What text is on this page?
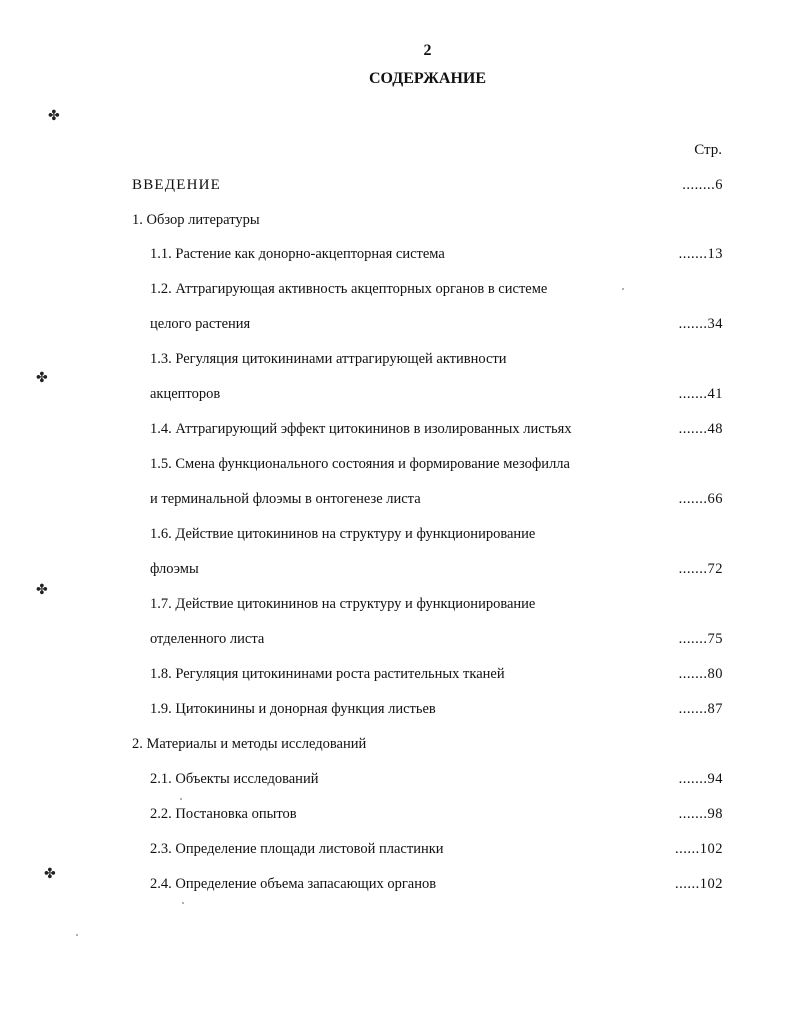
2
СОДЕРЖАНИЕ
Стр.
✤
✤
✤
✤
ВВЕДЕНИЕ	........6
1. Обзор литературы
1.1. Растение как донорно-акцепторная система	.......13
1.2. Аттрагирующая активность акцепторных органов в системе
целого растения	.......34
1.3. Регуляция цитокининами аттрагирующей активности
акцепторов	.......41
1.4. Аттрагирующий эффект цитокининов в изолированных листьях	.......48
1.5. Смена функционального состояния и формирование мезофилла
и терминальной флоэмы в онтогенезе листа	.......66
1.6. Действие цитокининов на структуру и функционирование
флоэмы	.......72
1.7. Действие цитокининов на структуру и функционирование
отделенного листа	.......75
1.8. Регуляция цитокининами роста растительных тканей	.......80
1.9. Цитокинины и донорная функция листьев	.......87
2. Материалы и методы исследований
2.1. Объекты исследований	.......94
2.2. Постановка опытов	.......98
2.3. Определение площади листовой пластинки	......102
2.4. Определение объема запасающих органов	......102
